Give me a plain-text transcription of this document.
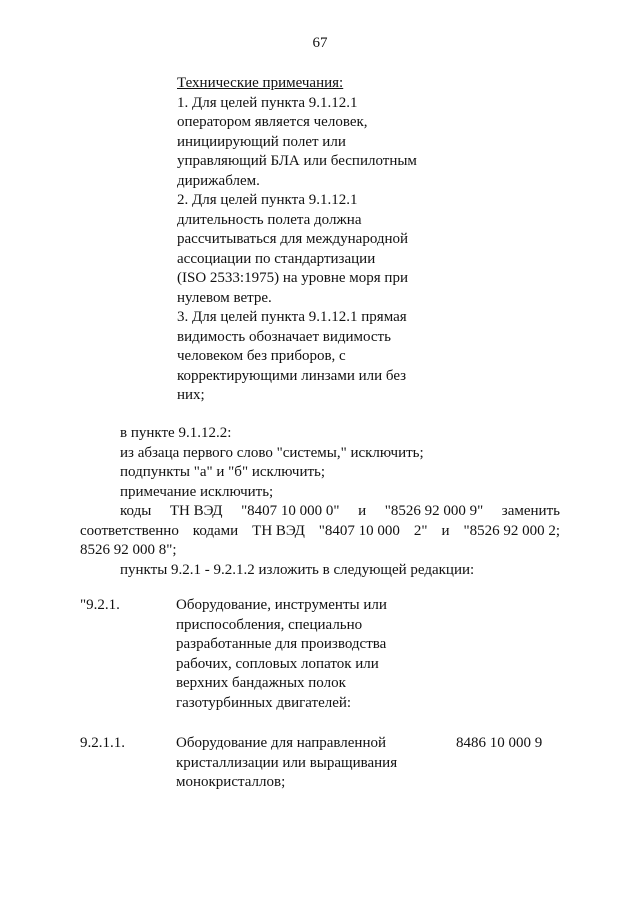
67
Технические примечания:
1. Для целей пункта 9.1.12.1
оператором является человек,
инициирующий полет или
управляющий БЛА или беспилотным
дирижаблем.
2. Для целей пункта 9.1.12.1
длительность полета должна
рассчитываться для международной
ассоциации по стандартизации
(ISO 2533:1975) на уровне моря при
нулевом ветре.
3. Для целей пункта 9.1.12.1 прямая
видимость обозначает видимость
человеком без приборов, с
корректирующими линзами или без
них;
в пункте 9.1.12.2:
из абзаца первого слово "системы," исключить;
подпункты "а" и "б" исключить;
примечание исключить;
коды ТН ВЭД "8407 10 000 0" и "8526 92 000 9" заменить
соответственно кодами ТН ВЭД "8407 10 000 2" и "8526 92 000 2;
8526 92 000 8";
пункты 9.2.1 - 9.2.1.2 изложить в следующей редакции:
"9.2.1.	Оборудование, инструменты или
приспособления, специально
разработанные для производства
рабочих, сопловых лопаток или
верхних бандажных полок
газотурбинных двигателей:
9.2.1.1.	Оборудование для направленной
кристаллизации или выращивания
монокристаллов;
8486 10 000 9
